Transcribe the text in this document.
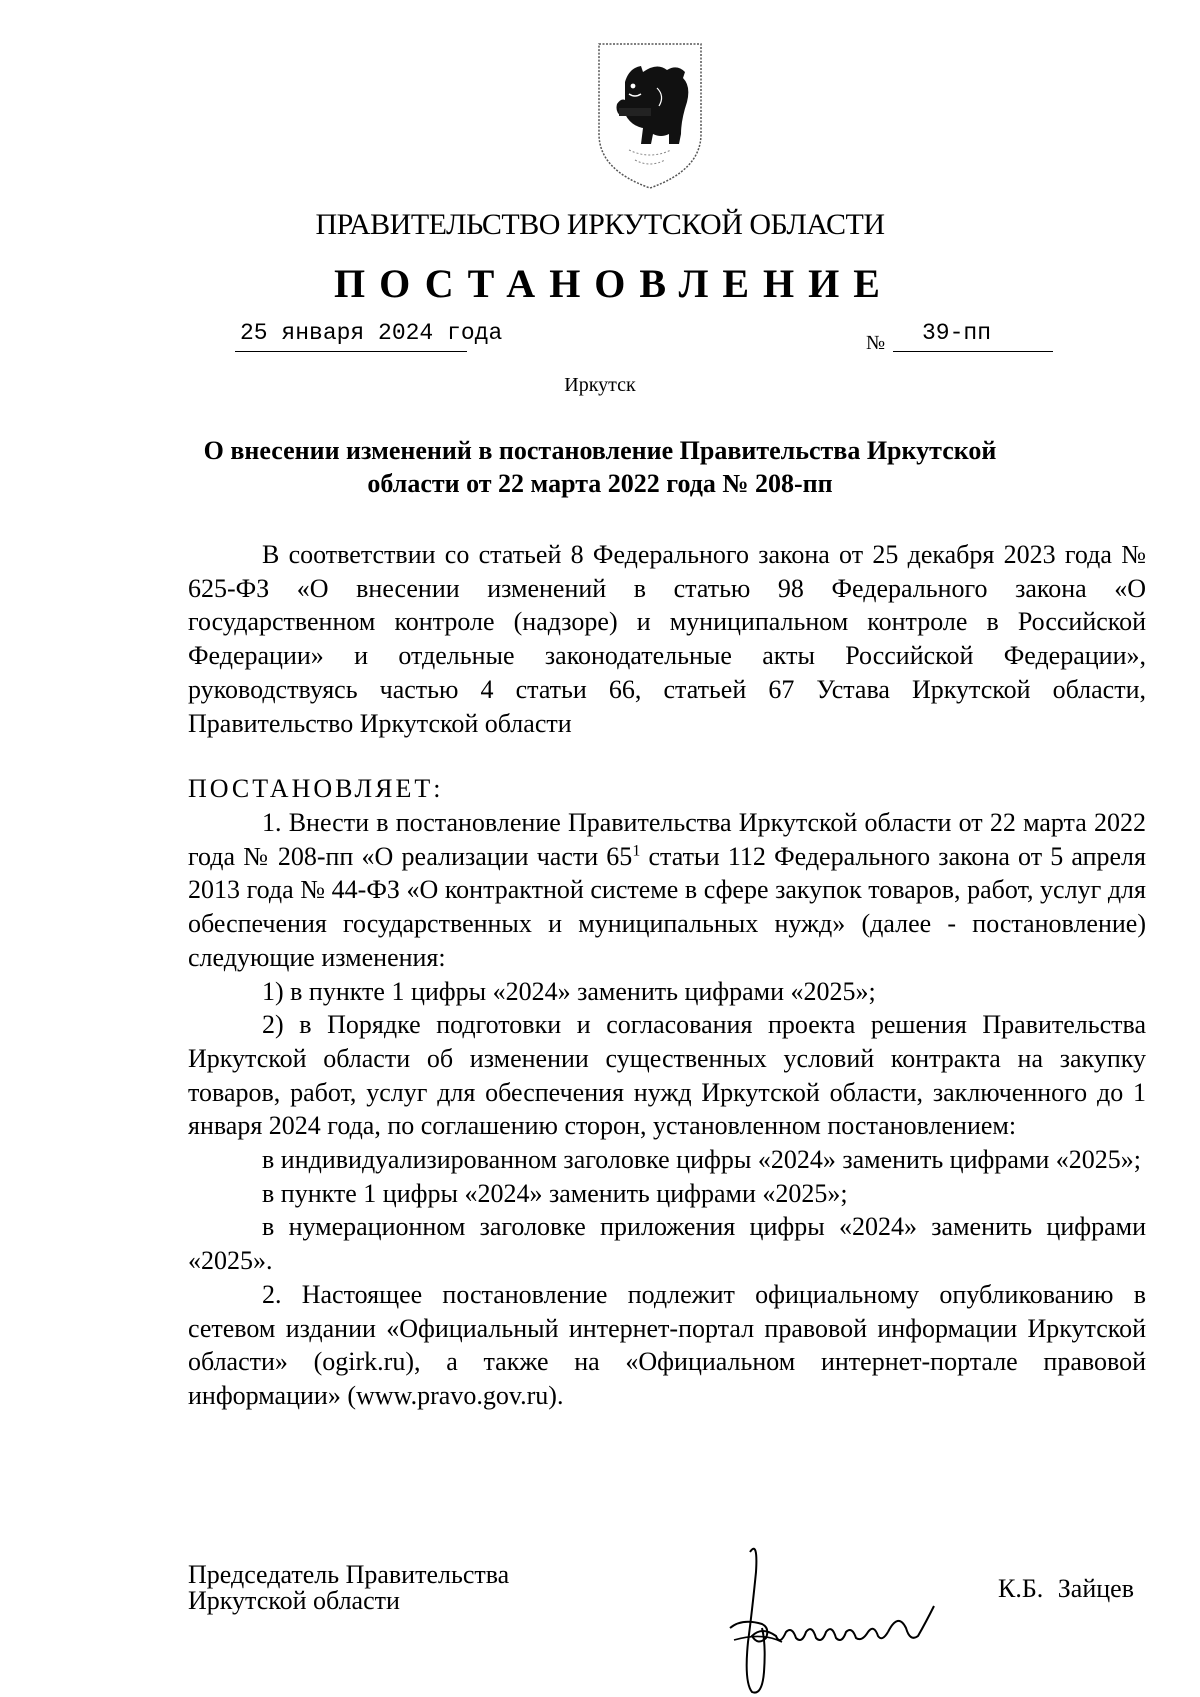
ПРАВИТЕЛЬСТВО ИРКУТСКОЙ ОБЛАСТИ
ПОСТАНОВЛЕНИЕ
25 января 2024 года	№ 39-пп
Иркутск
О внесении изменений в постановление Правительства Иркутской
области от 22 марта 2022 года № 208-пп

В соответствии со статьей 8 Федерального закона от 25 декабря 2023 года № 625-ФЗ «О внесении изменений в статью 98 Федерального закона «О государственном контроле (надзоре) и муниципальном контроле в Российской Федерации» и отдельные законодательные акты Российской Федерации», руководствуясь частью 4 статьи 66, статьей 67 Устава Иркутской области, Правительство Иркутской области

ПОСТАНОВЛЯЕТ:

1. Внести в постановление Правительства Иркутской области от 22 марта 2022 года № 208-пп «О реализации части $65^1$ статьи 112 Федерального закона от 5 апреля 2013 года № 44-ФЗ «О контрактной системе в сфере закупок товаров, работ, услуг для обеспечения государственных и муниципальных нужд» (далее - постановление) следующие изменения:

1) в пункте 1 цифры «2024» заменить цифрами «2025»;

2) в Порядке подготовки и согласования проекта решения Правительства Иркутской области об изменении существенных условий контракта на закупку товаров, работ, услуг для обеспечения нужд Иркутской области, заключенного до 1 января 2024 года, по соглашению сторон, установленном постановлением:

в индивидуализированном заголовке цифры «2024» заменить цифрами «2025»;

в пункте 1 цифры «2024» заменить цифрами «2025»;

в нумерационном заголовке приложения цифры «2024» заменить цифрами «2025».

2. Настоящее постановление подлежит официальному опубликованию в сетевом издании «Официальный интернет-портал правовой информации Иркутской области» (ogirk.ru), а также на «Официальном интернет-портале правовой информации» (www.pravo.gov.ru).

Председатель Правительства
Иркутской области	К.Б. Зайцев
